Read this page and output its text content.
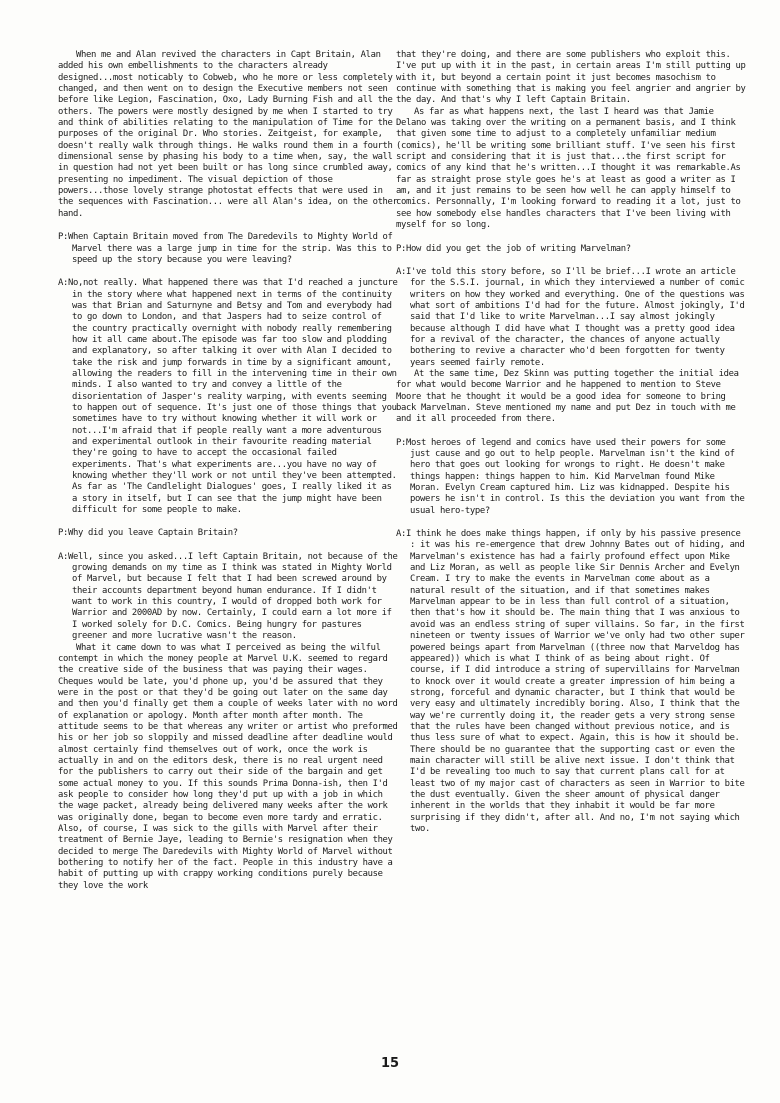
When me and Alan revived the characters in Capt Britain, Alan added his own embellishments to the characters already designed...most noticably to Cobweb, who he more or less completely changed, and then went on to design the Executive members not seen before like Legion, Fascination, Oxo, Lady Burning Fish and all the others. The powers were mostly designed by me when I started to try and think of abilities relating to the manipulation of Time for the purposes of the original Dr. Who stories. Zeitgeist, for example, doesn't really walk through things. He walks round them in a fourth dimensional sense by phasing his body to a time when, say, the wall in question had not yet been built or has long since crumbled away, presenting no impediment. The visual depiction of those powers...those lovely strange photostat effects that were used in the sequences with Fascination... were all Alan's idea, on the other hand.

P:When Captain Britain moved from The Daredevils to Mighty World of Marvel there was a large jump in time for the strip. Was this to speed up the story because you were leaving?

A:No,not really. What happened there was that I'd reached a juncture in the story where what happened next in terms of the continuity was that Brian and Saturnyne and Betsy and Tom and everybody had to go down to London, and that Jaspers had to seize control of the country practically overnight with nobody really remembering how it all came about.The episode was far too slow and plodding and explanatory, so after talking it over with Alan I decided to take the risk and jump forwards in time by a significant amount, allowing the readers to fill in the intervening time in their own minds. I also wanted to try and convey a little of the disorientation of Jasper's reality warping, with events seeming to happen out of sequence. It's just one of those things that you sometimes have to try without knowing whether it will work or not...I'm afraid that if people really want a more adventurous and experimental outlook in their favourite reading material they're going to have to accept the occasional failed experiments. That's what experiments are...you have no way of knowing whether they'll work or not until they've been attempted. As far as 'The Candlelight Dialogues' goes, I really liked it as a story in itself, but I can see that the jump might have been difficult for some people to make.

P:Why did you leave Captain Britain?

A:Well, since you asked...I left Captain Britain, not because of the growing demands on my time as I think was stated in Mighty World of Marvel, but because I felt that I had been screwed around by their accounts department beyond human endurance. If I didn't want to work in this country, I would of dropped both work for Warrior and 2000AD by now. Certainly, I could earn a lot more if I worked solely for D.C. Comics. Being hungry for pastures greener and more lucrative wasn't the reason.

What it came down to was what I perceived as being the wilful contempt in which the money people at Marvel U.K. seemed to regard the creative side of the business that was paying their wages. Cheques would be late, you'd phone up, you'd be assured that they were in the post or that they'd be going out later on the same day and then you'd finally get them a couple of weeks later with no word of explanation or apology. Month after month after month. The attitude seems to be that whereas any writer or artist who preformed his or her job so sloppily and missed deadline after deadline would almost certainly find themselves out of work, once the work is actually in and on the editors desk, there is no real urgent need for the publishers to carry out their side of the bargain and get some actual money to you. If this sounds Prima Donna-ish, then I'd ask people to consider how long they'd put up with a job in which the wage packet, already being delivered many weeks after the work was originally done, began to become even more tardy and erratic. Also, of course, I was sick to the gills with Marvel after their treatment of Bernie Jaye, leading to Bernie's resignation when they decided to merge The Daredevils with Mighty World of Marvel without bothering to notify her of the fact. People in this industry have a habit of putting up with crappy working conditions purely because they love the work

that they're doing, and there are some publishers who exploit this. I've put up with it in the past, in certain areas I'm still putting up with it, but beyond a certain point it just becomes masochism to continue with something that is making you feel angrier and angrier by the day. And that's why I left Captain Britain.

As far as what happens next, the last I heard was that Jamie Delano was taking over the writing on a permanent basis, and I think that given some time to adjust to a completely unfamiliar medium (comics), he'll be writing some brilliant stuff. I've seen his first script and considering that it is just that...the first script for comics of any kind that he's written...I thought it was remarkable.As far as straight prose style goes he's at least as good a writer as I am, and it just remains to be seen how well he can apply himself to comics. Personnally, I'm looking forward to reading it a lot, just to see how somebody else handles characters that I've been living with myself for so long.

P:How did you get the job of writing Marvelman?

A:I've told this story before, so I'll be brief...I wrote an article for the S.S.I. journal, in which they interviewed a number of comic writers on how they worked and everything. One of the questions was what sort of ambitions I'd had for the future. Almost jokingly, I'd said that I'd like to write Marvelman...I say almost jokingly because although I did have what I thought was a pretty good idea for a revival of the character, the chances of anyone actually bothering to revive a character who'd been forgotten for twenty years seemed fairly remote.

At the same time, Dez Skinn was putting together the initial idea for what would become Warrior and he happened to mention to Steve Moore that he thought it would be a good idea for someone to bring back Marvelman. Steve mentioned my name and put Dez in touch with me and it all proceeded from there.

P:Most heroes of legend and comics have used their powers for some just cause and go out to help people. Marvelman isn't the kind of hero that goes out looking for wrongs to right. He doesn't make things happen: things happen to him. Kid Marvelman found Mike Moran. Evelyn Cream captured him. Liz was kidnapped. Despite his powers he isn't in control. Is this the deviation you want from the usual hero-type?

A:I think he does make things happen, if only by his passive presence : it was his re-emergence that drew Johnny Bates out of hiding, and Marvelman's existence has had a fairly profound effect upon Mike and Liz Moran, as well as people like Sir Dennis Archer and Evelyn Cream. I try to make the events in Marvelman come about as a natural result of the situation, and if that sometimes makes Marvelman appear to be in less than full control of a situation, then that's how it should be. The main thing that I was anxious to avoid was an endless string of super villains. So far, in the first nineteen or twenty issues of Warrior we've only had two other super powered beings apart from Marvelman ((three now that Marveldog has appeared)) which is what I think of as being about right. Of course, if I did introduce a string of supervillains for Marvelman to knock over it would create a greater impression of him being a strong, forceful and dynamic character, but I think that would be very easy and ultimately incredibly boring. Also, I think that the way we're currently doing it, the reader gets a very strong sense that the rules have been changed without previous notice, and is thus less sure of what to expect. Again, this is how it should be. There should be no guarantee that the supporting cast or even the main character will still be alive next issue. I don't think that I'd be revealing too much to say that current plans call for at least two of my major cast of characters as seen in Warrior to bite the dust eventually. Given the sheer amount of physical danger inherent in the worlds that they inhabit it would be far more surprising if they didn't, after all. And no, I'm not saying which two.

15
